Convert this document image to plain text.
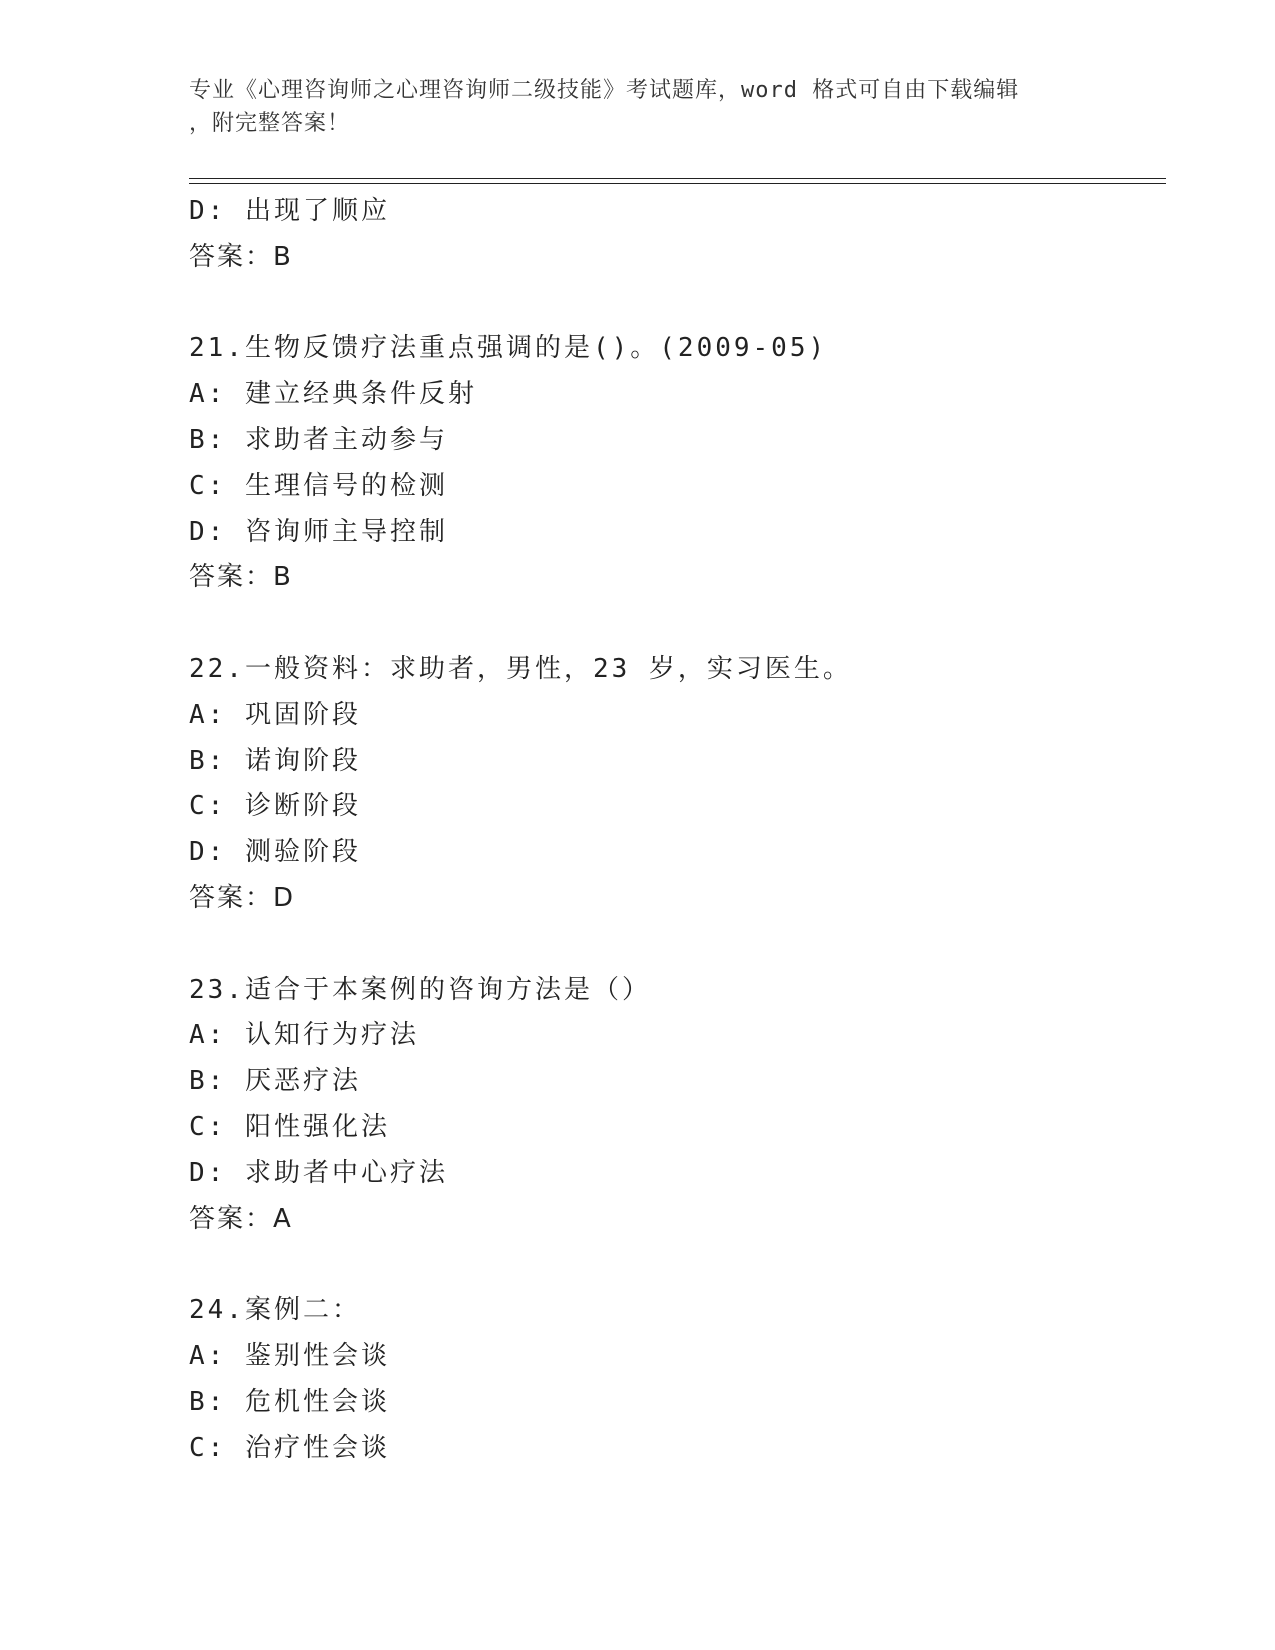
专业《心理咨询师之心理咨询师二级技能》考试题库，word 格式可自由下载编辑
，附完整答案！
D: 出现了顺应
答案：B
21.生物反馈疗法重点强调的是()。(2009-05)
A: 建立经典条件反射
B: 求助者主动参与
C: 生理信号的检测
D: 咨询师主导控制
答案：B
22.一般资料：求助者，男性，23 岁，实习医生。
A: 巩固阶段
B: 诺询阶段
C: 诊断阶段
D: 测验阶段
答案：D
23.适合于本案例的咨询方法是（）
A: 认知行为疗法
B: 厌恶疗法
C: 阳性强化法
D: 求助者中心疗法
答案：A
24.案例二：
A: 鉴别性会谈
B: 危机性会谈
C: 治疗性会谈
